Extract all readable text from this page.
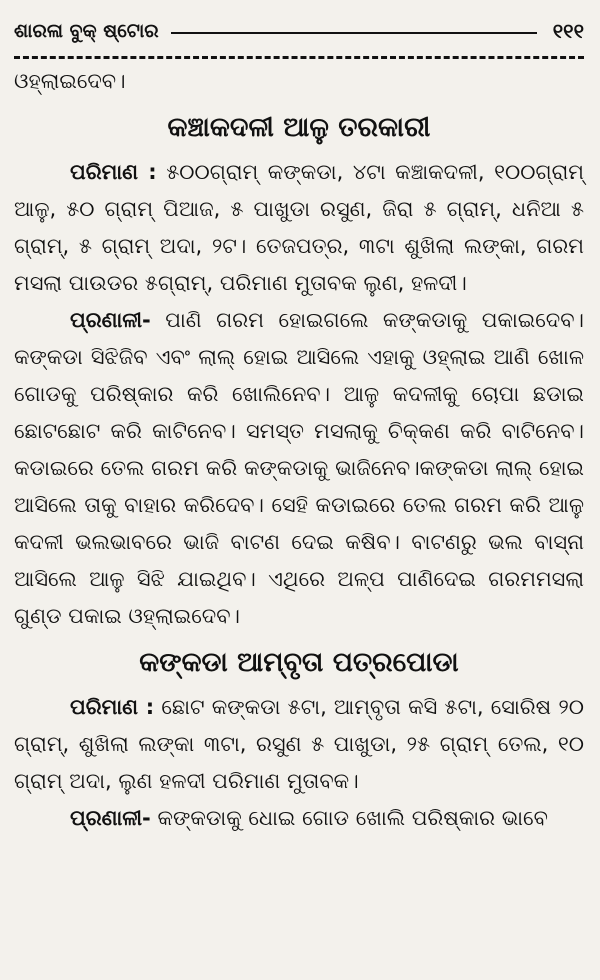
ଶାରଳା ବୁକ୍ ଷ୍ଟୋର	୧୧୧

ଓହ୍ଲାଇଦେବ।

କଞ୍ଚାକଦଳୀ ଆଳୁ ତରକାରୀ

ପରିମାଣ : ୫୦୦ଗ୍ରାମ୍ କଙ୍କଡା, ୪ଟା କଞ୍ଚାକଦଳୀ, ୧୦୦ଗ୍ରାମ୍ ଆଳୁ, ୫୦ ଗ୍ରାମ୍ ପିଆଜ, ୫ ପାଖୁଡା ରସୁଣ, ଜିରା ୫ ଗ୍ରାମ୍, ଧନିଆ ୫ ଗ୍ରାମ୍, ୫ ଗ୍ରାମ୍ ଅଦା, ୨ଟ। ତେଜପତ୍ର, ୩ଟା ଶୁଖିଲା ଲଙ୍କା, ଗରମ ମସଲା ପାଉଡର ୫ଗ୍ରାମ୍, ପରିମାଣ ମୁତାବକ ଲୁଣ, ହଳଦୀ।

ପ୍ରଣାଳୀ- ପାଣି ଗରମ ହୋଇଗଲେ କଙ୍କଡାକୁ ପକାଇଦେବ। କଙ୍କଡା ସିଝିଜିବ ଏବଂ ଲାଲ୍ ହୋଇ ଆସିଲେ ଏହାକୁ ଓହ୍ଲାଇ ଆଣି ଖୋଳ ଗୋଡକୁ ପରିଷ୍କାର କରି ଖୋଲିନେବ। ଆଳୁ କଦଳୀକୁ ଚୋପା ଛଡାଇ ଛୋଟଛୋଟ କରି କାଟିନେବ। ସମସ୍ତ ମସଲାକୁ ଚିକ୍କଣ କରି ବାଟିନେବ। କଡାଇରେ ତେଲ ଗରମ କରି କଙ୍କଡାକୁ ଭାଜିନେବ।କଙ୍କଡା ଲାଲ୍ ହୋଇ ଆସିଲେ ତାକୁ ବାହାର କରିଦେବ। ସେହି କଡାଇରେ ତେଲ ଗରମ କରି ଆଳୁ କଦଳୀ ଭଲଭାବରେ ଭାଜି ବାଟଣ ଦେଇ କଷିବ। ବାଟଣରୁ ଭଲ ବାସ୍ନା ଆସିଲେ ଆଳୁ ସିଝି ଯାଇଥିବ। ଏଥିରେ ଅଳ୍ପ ପାଣିଦେଇ ଗରମମସଲା ଗୁଣ୍ଡ ପକାଇ ଓହ୍ଲାଇଦେବ।

କଙ୍କଡା ଆମ୍ବୃତା ପତ୍ରପୋଡା

ପରିମାଣ : ଛୋଟ କଙ୍କଡା ୫ଟା, ଆମ୍ବୃତା କସି ୫ଟା, ସୋରିଷ ୨୦ ଗ୍ରାମ୍, ଶୁଖିଲା ଲଙ୍କା ୩ଟା, ରସୁଣ ୫ ପାଖୁଡା, ୨୫ ଗ୍ରାମ୍ ତେଲ, ୧୦ ଗ୍ରାମ୍ ଅଦା, ଲୁଣ ହଳଦୀ ପରିମାଣ ମୁତାବକ।

ପ୍ରଣାଳୀ- କଙ୍କଡାକୁ ଧୋଇ ଗୋଡ ଖୋଲି ପରିଷ୍କାର ଭାବେ
